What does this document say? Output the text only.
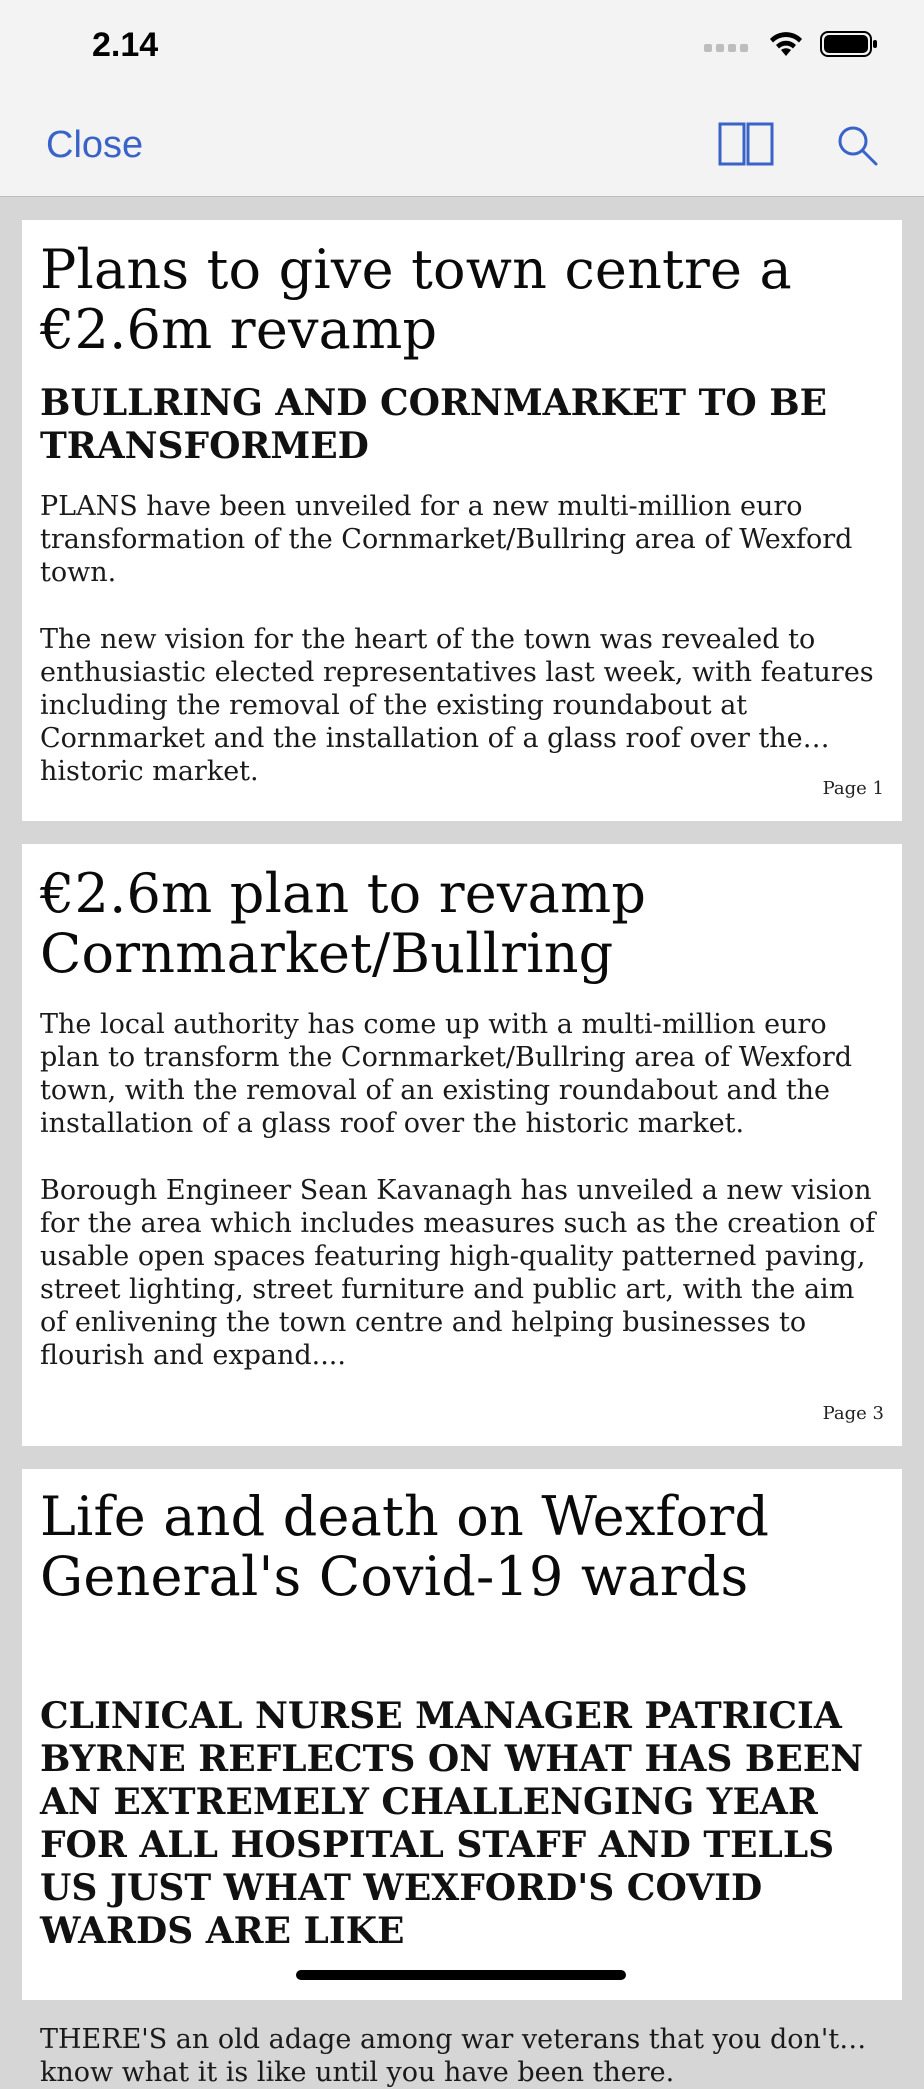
2.14
Close
Plans to give town centre a €2.6m revamp
BULLRING AND CORNMARKET TO BE TRANSFORMED

PLANS have been unveiled for a new multi-million euro transformation of the Cornmarket/Bullring area of Wexford town.

The new vision for the heart of the town was revealed to enthusiastic elected representatives last week, with features including the removal of the existing roundabout at Cornmarket and the installation of a glass roof over the historic market.

Page 1
€2.6m plan to revamp Cornmarket/Bullring

The local authority has come up with a multi-million euro plan to transform the Cornmarket/Bullring area of Wexford town, with the removal of an existing roundabout and the installation of a glass roof over the historic market.

Borough Engineer Sean Kavanagh has unveiled a new vision for the area which includes measures such as the creation of usable open spaces featuring high-quality patterned paving, street lighting, street furniture and public art, with the aim of enlivening the town centre and helping businesses to flourish and expand....

Page 3
Life and death on Wexford General's Covid-19 wards
CLINICAL NURSE MANAGER PATRICIA BYRNE REFLECTS ON WHAT HAS BEEN AN EXTREMELY CHALLENGING YEAR FOR ALL HOSPITAL STAFF AND TELLS US JUST WHAT WEXFORD'S COVID WARDS ARE LIKE

THERE'S an old adage among war veterans that you don't know what it is like until you have been there.
